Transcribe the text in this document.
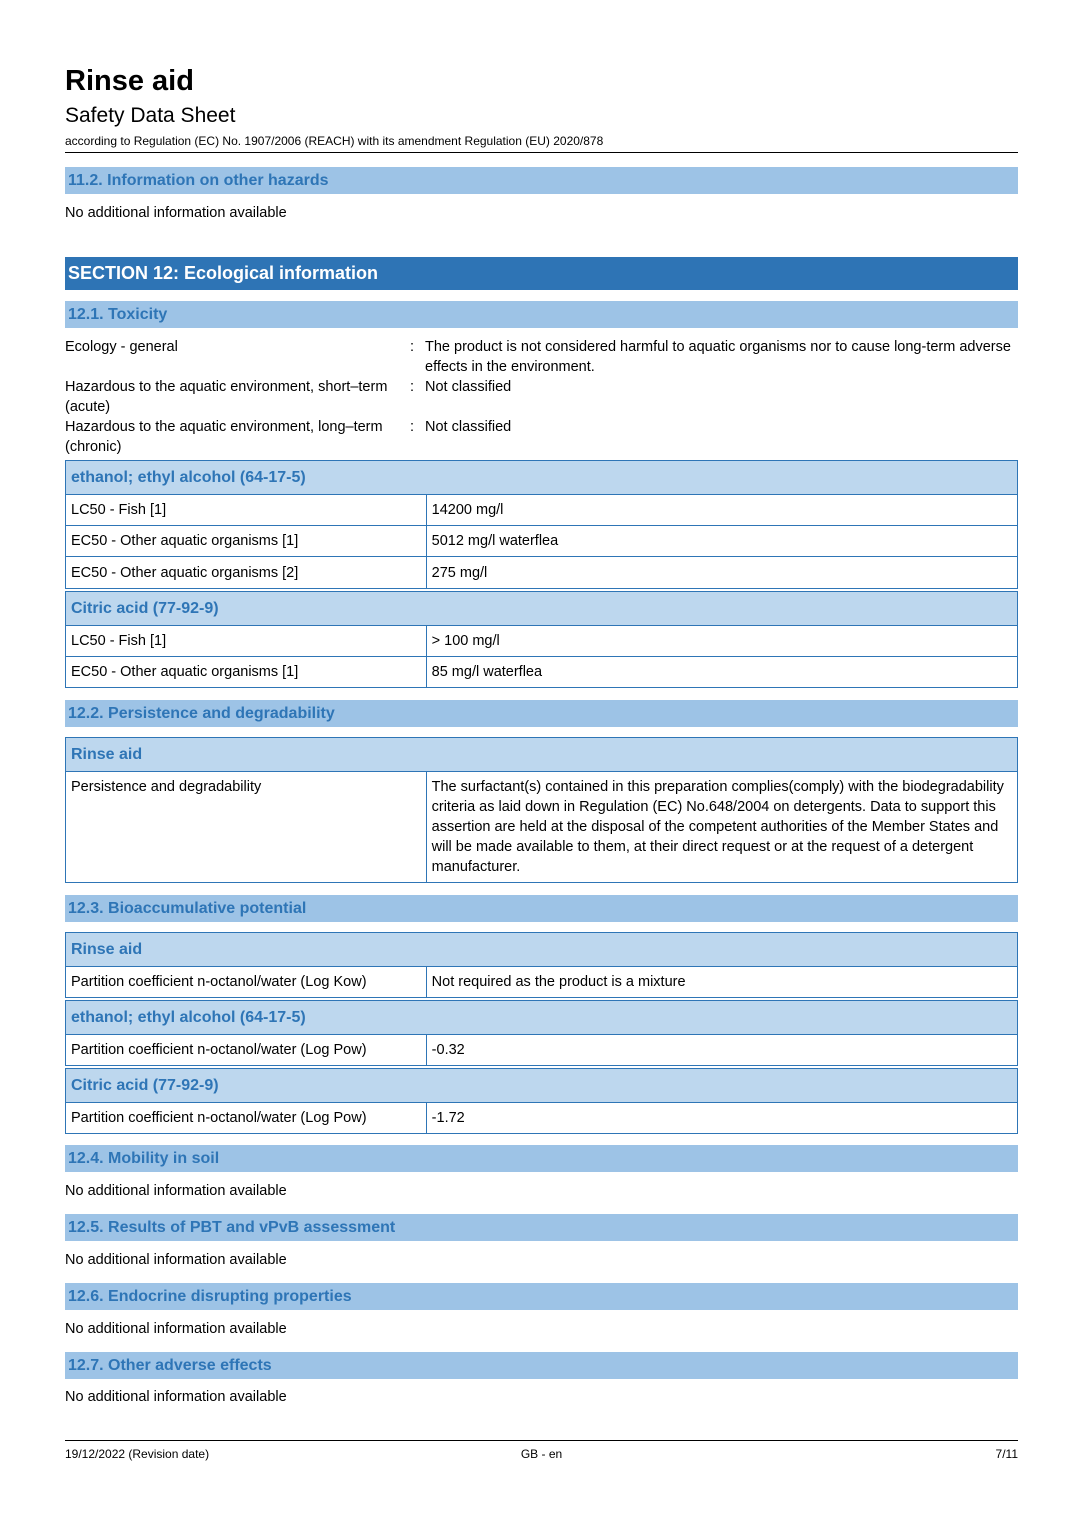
Rinse aid
Safety Data Sheet
according to Regulation (EC) No. 1907/2006 (REACH) with its amendment Regulation (EU) 2020/878
11.2. Information on other hazards
No additional information available
SECTION 12: Ecological information
12.1. Toxicity
Ecology - general	: The product is not considered harmful to aquatic organisms nor to cause long-term adverse effects in the environment.
Hazardous to the aquatic environment, short–term (acute)
: Not classified
Hazardous to the aquatic environment, long–term (chronic)
: Not classified
ethanol; ethyl alcohol (64-17-5)	
LC50 - Fish [1]	14200 mg/l
EC50 - Other aquatic organisms [1]	5012 mg/l waterflea
EC50 - Other aquatic organisms [2]	275 mg/l
Citric acid (77-92-9)	
LC50 - Fish [1]	> 100 mg/l
EC50 - Other aquatic organisms [1]	85 mg/l waterflea
12.2. Persistence and degradability
Rinse aid
Persistence and degradability	The surfactant(s) contained in this preparation complies(comply) with the biodegradability criteria as laid down in Regulation (EC) No.648/2004 on detergents. Data to support this assertion are held at the disposal of the competent authorities of the Member States and will be made available to them, at their direct request or at the request of a detergent manufacturer.
12.3. Bioaccumulative potential
Rinse aid
Partition coefficient n-octanol/water (Log Kow)	Not required as the product is a mixture
ethanol; ethyl alcohol (64-17-5)
Partition coefficient n-octanol/water (Log Pow)	-0.32
Citric acid (77-92-9)
Partition coefficient n-octanol/water (Log Pow)	-1.72
12.4. Mobility in soil
No additional information available
12.5. Results of PBT and vPvB assessment
No additional information available
12.6. Endocrine disrupting properties
No additional information available
12.7. Other adverse effects
No additional information available
19/12/2022 (Revision date)	GB - en	7/11
